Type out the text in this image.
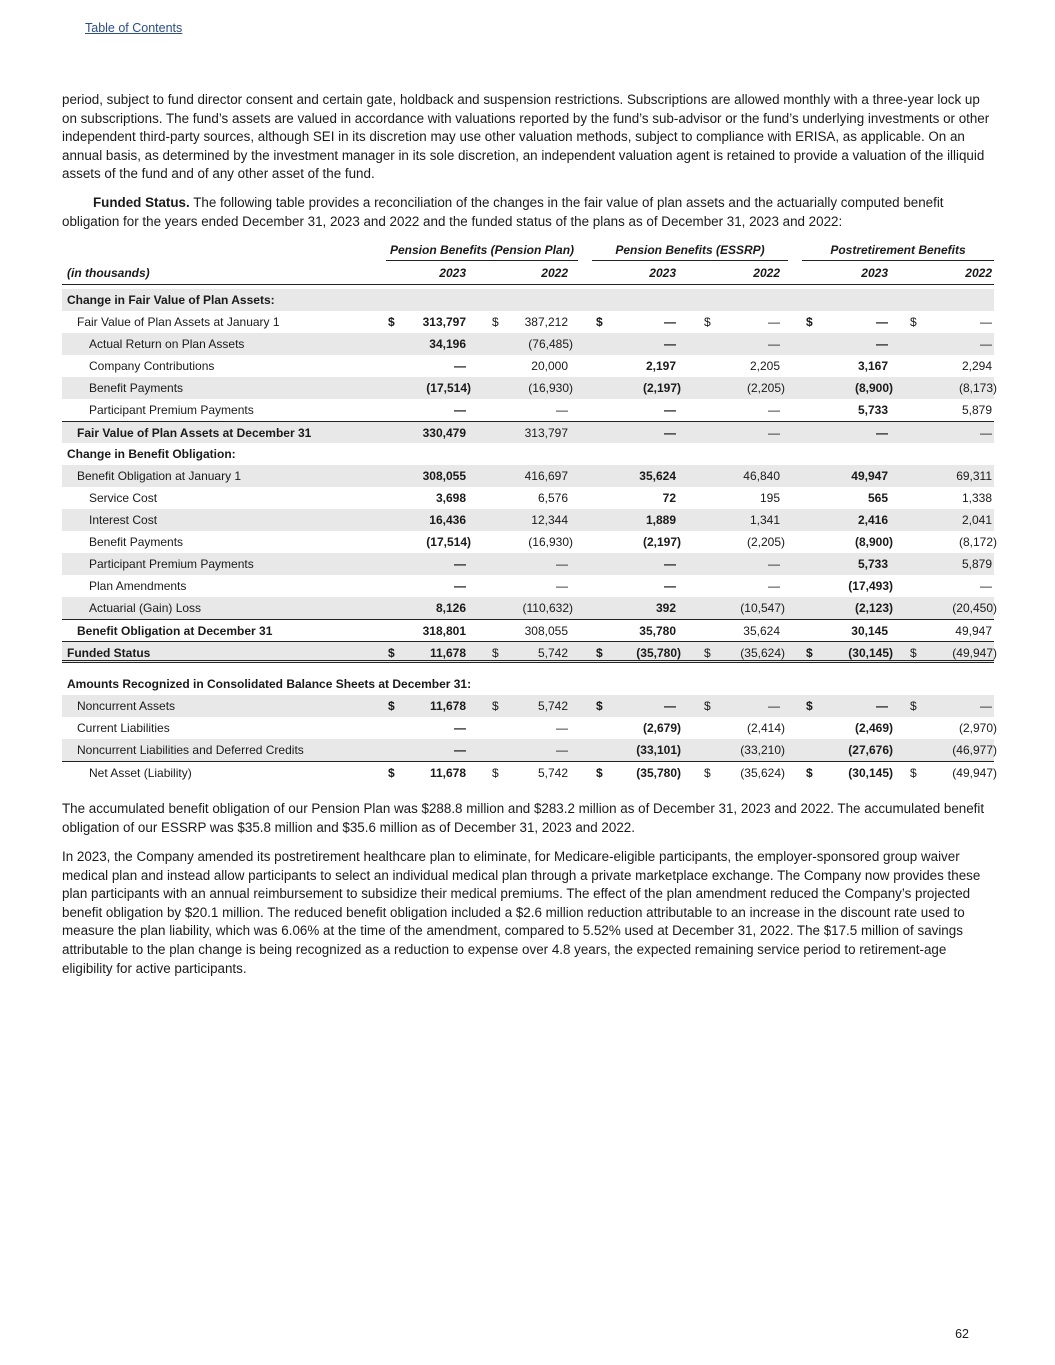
Table of Contents

period, subject to fund director consent and certain gate, holdback and suspension restrictions. Subscriptions are allowed monthly with a three-year lock up on subscriptions. The fund’s assets are valued in accordance with valuations reported by the fund’s sub-advisor or the fund’s underlying investments or other independent third-party sources, although SEI in its discretion may use other valuation methods, subject to compliance with ERISA, as applicable. On an annual basis, as determined by the investment manager in its sole discretion, an independent valuation agent is retained to provide a valuation of the illiquid assets of the fund and of any other asset of the fund.

Funded Status. The following table provides a reconciliation of the changes in the fair value of plan assets and the actuarially computed benefit obligation for the years ended December 31, 2023 and 2022 and the funded status of the plans as of December 31, 2023 and 2022:

Pension Benefits (Pension Plan)	Pension Benefits (ESSRP)	Postretirement Benefits
(in thousands)	2023	2022	2023	2022	2023	2022
Change in Fair Value of Plan Assets:
Fair Value of Plan Assets at January 1	$	313,797 $	387,212 $	— $	— $	— $	—
Actual Return on Plan Assets	34,196	(76,485)	—	—	—	—
Company Contributions	—	20,000	2,197	2,205	3,167	2,294
Benefit Payments	(17,514)	(16,930)	(2,197)	(2,205)	(8,900)	(8,173)
Participant Premium Payments	—	—	—	—	5,733	5,879
Fair Value of Plan Assets at December 31	330,479	313,797	—	—	—	—
Change in Benefit Obligation:
Benefit Obligation at January 1	308,055	416,697	35,624	46,840	49,947	69,311
Service Cost	3,698	6,576	72	195	565	1,338
Interest Cost	16,436	12,344	1,889	1,341	2,416	2,041
Benefit Payments	(17,514)	(16,930)	(2,197)	(2,205)	(8,900)	(8,172)
Participant Premium Payments	—	—	—	—	5,733	5,879
Plan Amendments	—	—	—	—	(17,493)	—
Actuarial (Gain) Loss	8,126	(110,632)	392	(10,547)	(2,123)	(20,450)
Benefit Obligation at December 31	318,801	308,055	35,780	35,624	30,145	49,947
Funded Status	$	11,678 $	5,742 $	(35,780) $	(35,624) $	(30,145) $	(49,947)
Amounts Recognized in Consolidated Balance Sheets at December 31:
Noncurrent Assets	$	11,678 $	5,742 $	— $	— $	— $	—
Current Liabilities	—	—	(2,679)	(2,414)	(2,469)	(2,970)
Noncurrent Liabilities and Deferred Credits	—	—	(33,101)	(33,210)	(27,676)	(46,977)
Net Asset (Liability)	$	11,678 $	5,742 $	(35,780) $	(35,624) $	(30,145) $	(49,947)

The accumulated benefit obligation of our Pension Plan was $288.8 million and $283.2 million as of December 31, 2023 and 2022. The accumulated benefit obligation of our ESSRP was $35.8 million and $35.6 million as of December 31, 2023 and 2022.

In 2023, the Company amended its postretirement healthcare plan to eliminate, for Medicare-eligible participants, the employer-sponsored group waiver medical plan and instead allow participants to select an individual medical plan through a private marketplace exchange. The Company now provides these plan participants with an annual reimbursement to subsidize their medical premiums. The effect of the plan amendment reduced the Company’s projected benefit obligation by $20.1 million. The reduced benefit obligation included a $2.6 million reduction attributable to an increase in the discount rate used to measure the plan liability, which was 6.06% at the time of the amendment, compared to 5.52% used at December 31, 2022. The $17.5 million of savings attributable to the plan change is being recognized as a reduction to expense over 4.8 years, the expected remaining service period to retirement-age eligibility for active participants.

62
